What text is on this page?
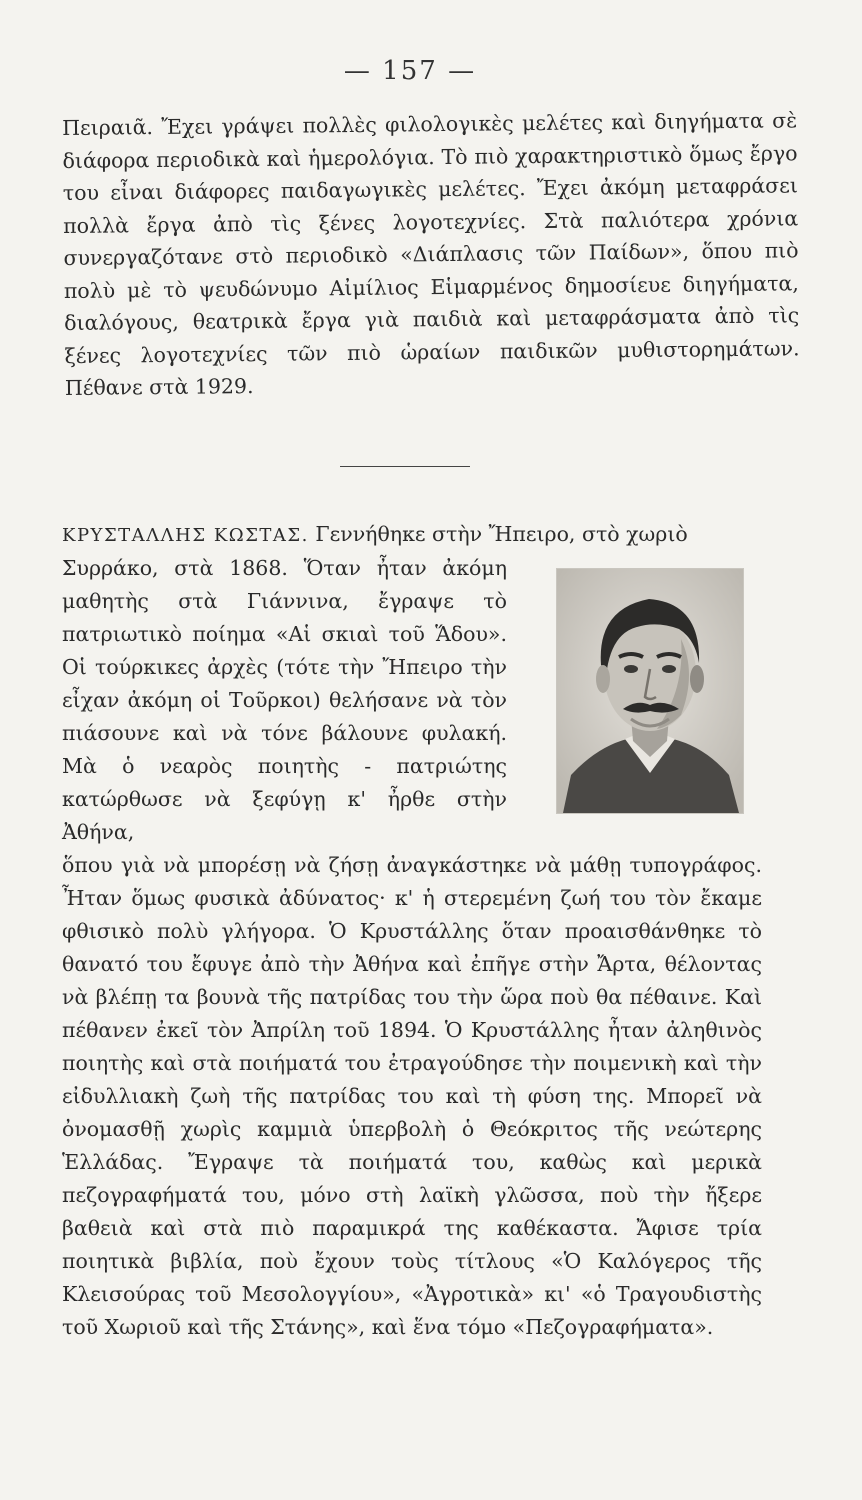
— 157 —
Πειραιᾶ. Ἔχει γράψει πολλὲς φιλολογικὲς μελέτες καὶ διηγήματα σὲ διάφορα περιοδικὰ καὶ ἡμερολόγια. Τὸ πιὸ χαρακτηριστικὸ ὅμως ἔργο του εἶναι διάφορες παιδαγωγικὲς μελέτες. Ἔχει ἀκόμη μεταφράσει πολλὰ ἔργα ἀπὸ τὶς ξένες λογοτεχνίες. Στὰ παλιότερα χρόνια συνεργαζότανε στὸ περιοδικὸ «Διάπλασις τῶν Παίδων», ὅπου πιὸ πολὺ μὲ τὸ ψευδώνυμο Αἰμίλιος Εἱμαρμένος δημοσίευε διηγήματα, διαλόγους, θεατρικὰ ἔργα γιὰ παιδιὰ καὶ μεταφράσματα ἀπὸ τὶς ξένες λογοτεχνίες τῶν πιὸ ὡραίων παιδικῶν μυθιστορημάτων. Πέθανε στὰ 1929.
ΚΡΥΣΤΑΛΛΗΣ ΚΩΣΤΑΣ. Γεννήθηκε στὴν Ἤπειρο, στὸ χωριὸ
Συρράκο, στὰ 1868. Ὅταν ἦταν ἀκόμη μαθητὴς στὰ Γιάννινα, ἔγραψε τὸ πατριωτικὸ ποίημα «Αἱ σκιαὶ τοῦ Ἅδου». Οἱ τούρκικες ἀρχὲς (τότε τὴν Ἤπειρο τὴν εἶχαν ἀκόμη οἱ Τοῦρκοι) θελήσανε νὰ τὸν πιάσουνε καὶ νὰ τόνε βάλουνε φυλακή. Μὰ ὁ νεαρὸς ποιητὴς - πατριώτης κατώρθωσε νὰ ξεφύγῃ κ' ἦρθε στὴν Ἀθήνα,
ὅπου γιὰ νὰ μπορέσῃ νὰ ζήσῃ ἀναγκάστηκε νὰ μάθῃ τυπογράφος. Ἦταν ὅμως φυσικὰ ἀδύνατος· κ' ἡ στερεμένη ζωή του τὸν ἔκαμε φθισικὸ πολὺ γλήγορα. Ὁ Κρυστάλλης ὅταν προαισθάνθηκε τὸ θανατό του ἔφυγε ἀπὸ τὴν Ἀθήνα καὶ ἐπῆγε στὴν Ἄρτα, θέλοντας νὰ βλέπῃ τα βουνὰ τῆς πατρίδας του τὴν ὥρα ποὺ θα πέθαινε. Καὶ πέθανεν ἐκεῖ τὸν Ἀπρίλη τοῦ 1894. Ὁ Κρυστάλλης ἦταν ἀληθινὸς ποιητὴς καὶ στὰ ποιήματά του ἐτραγούδησε τὴν ποιμενικὴ καὶ τὴν εἰδυλλιακὴ ζωὴ τῆς πατρίδας του καὶ τὴ φύση της. Μπορεῖ νὰ ὀνομασθῇ χωρὶς καμμιὰ ὑπερβολὴ ὁ Θεόκριτος τῆς νεώτερης Ἑλλάδας. Ἔγραψε τὰ ποιήματά του, καθὼς καὶ μερικὰ πεζογραφήματά του, μόνο στὴ λαϊκὴ γλῶσσα, ποὺ τὴν ἤξερε βαθειὰ καὶ στὰ πιὸ παραμικρά της καθέκαστα. Ἄφισε τρία ποιητικὰ βιβλία, ποὺ ἔχουν τοὺς τίτλους «Ὁ Καλόγερος τῆς Κλεισούρας τοῦ Μεσολογγίου», «Ἀγροτικὰ» κι' «ὁ Τραγουδιστὴς τοῦ Χωριοῦ καὶ τῆς Στάνης», καὶ ἕνα τόμο «Πεζογραφήματα».
